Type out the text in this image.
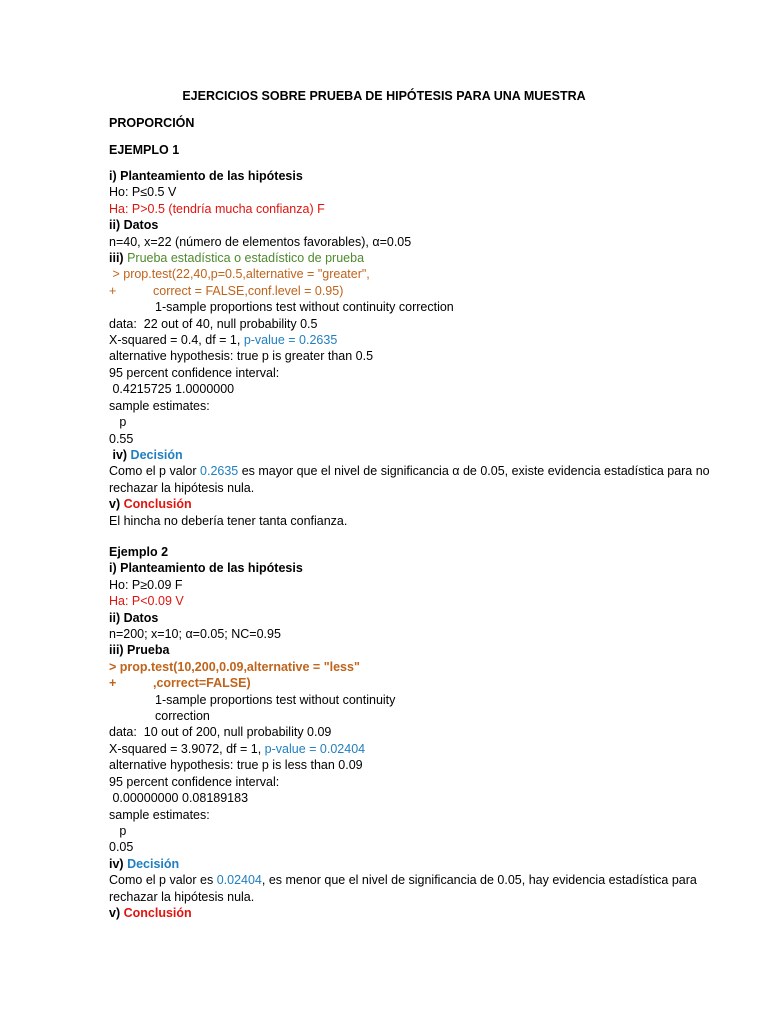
EJERCICIOS SOBRE PRUEBA DE HIPÓTESIS PARA UNA MUESTRA
PROPORCIÓN
EJEMPLO 1
i) Planteamiento de las hipótesis
Ho: P≤0.5 V
Ha: P>0.5 (tendría mucha confianza) F
ii) Datos
n=40, x=22 (número de elementos favorables), α=0.05
iii) Prueba estadística o estadístico de prueba
> prop.test(22,40,p=0.5,alternative = "greater",
+	correct = FALSE,conf.level = 0.95)
1-sample proportions test without continuity correction
data:  22 out of 40, null probability 0.5
X-squared = 0.4, df = 1, p-value = 0.2635
alternative hypothesis: true p is greater than 0.5
95 percent confidence interval:
0.4215725 1.0000000
sample estimates:
p
0.55
iv) Decisión
Como el p valor 0.2635 es mayor que el nivel de significancia α de 0.05, existe evidencia estadística para no rechazar la hipótesis nula.
v) Conclusión
El hincha no debería tener tanta confianza.
Ejemplo 2
i) Planteamiento de las hipótesis
Ho: P≥0.09 F
Ha: P<0.09 V
ii) Datos
n=200; x=10; α=0.05; NC=0.95
iii) Prueba
> prop.test(10,200,0.09,alternative = "less"
+	,correct=FALSE)
1-sample proportions test without continuity
correction
data:  10 out of 200, null probability 0.09
X-squared = 3.9072, df = 1, p-value = 0.02404
alternative hypothesis: true p is less than 0.09
95 percent confidence interval:
0.00000000 0.08189183
sample estimates:
p
0.05
iv) Decisión
Como el p valor es 0.02404, es menor que el nivel de significancia de 0.05, hay evidencia estadística para rechazar la hipótesis nula.
v) Conclusión
